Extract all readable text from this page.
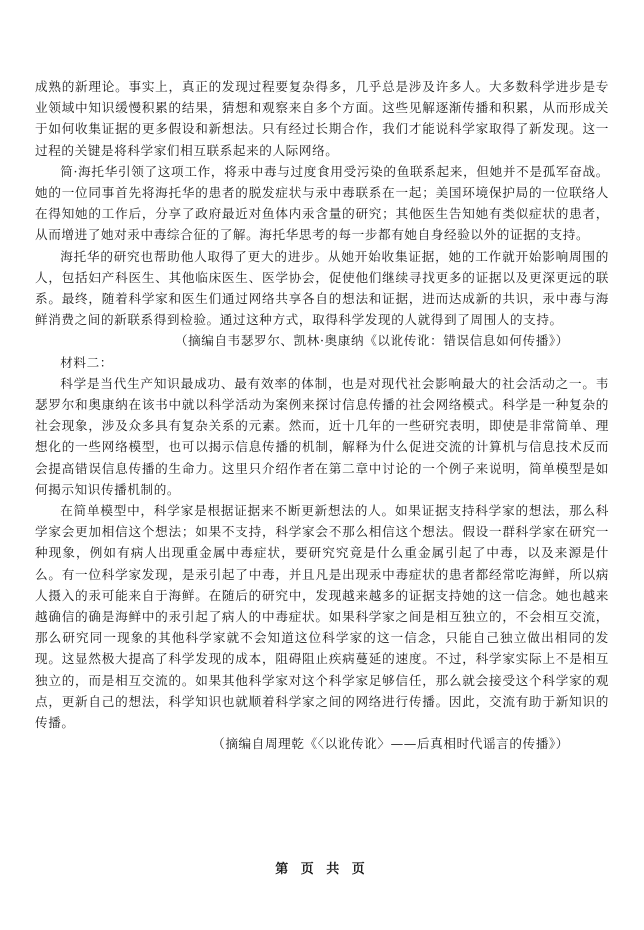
成熟的新理论。事实上，真正的发现过程要复杂得多，几乎总是涉及许多人。大多数科学进步是专业领域中知识缓慢积累的结果，猜想和观察来自多个方面。这些见解逐渐传播和积累，从而形成关于如何收集证据的更多假设和新想法。只有经过长期合作，我们才能说科学家取得了新发现。这一过程的关键是将科学家们相互联系起来的人际网络。

简·海托华引领了这项工作，将汞中毒与过度食用受污染的鱼联系起来，但她并不是孤军奋战。她的一位同事首先将海托华的患者的脱发症状与汞中毒联系在一起；美国环境保护局的一位联络人在得知她的工作后，分享了政府最近对鱼体内汞含量的研究；其他医生告知她有类似症状的患者，从而增进了她对汞中毒综合征的了解。海托华思考的每一步都有她自身经验以外的证据的支持。

海托华的研究也帮助他人取得了更大的进步。从她开始收集证据，她的工作就开始影响周围的人，包括妇产科医生、其他临床医生、医学协会，促使他们继续寻找更多的证据以及更深更远的联系。最终，随着科学家和医生们通过网络共享各自的想法和证据，进而达成新的共识，汞中毒与海鲜消费之间的新联系得到检验。通过这种方式，取得科学发现的人就得到了周围人的支持。

（摘编自韦瑟罗尔、凯林·奥康纳《以讹传讹：错误信息如何传播》）

材料二：

科学是当代生产知识最成功、最有效率的体制，也是对现代社会影响最大的社会活动之一。韦瑟罗尔和奥康纳在该书中就以科学活动为案例来探讨信息传播的社会网络模式。科学是一种复杂的社会现象，涉及众多具有复杂关系的元素。然而，近十几年的一些研究表明，即使是非常简单、理想化的一些网络模型，也可以揭示信息传播的机制，解释为什么促进交流的计算机与信息技术反而会提高错误信息传播的生命力。这里只介绍作者在第二章中讨论的一个例子来说明，简单模型是如何揭示知识传播机制的。

在简单模型中，科学家是根据证据来不断更新想法的人。如果证据支持科学家的想法，那么科学家会更加相信这个想法；如果不支持，科学家会不那么相信这个想法。假设一群科学家在研究一种现象，例如有病人出现重金属中毒症状，要研究究竟是什么重金属引起了中毒，以及来源是什么。有一位科学家发现，是汞引起了中毒，并且凡是出现汞中毒症状的患者都经常吃海鲜，所以病人摄入的汞可能来自于海鲜。在随后的研究中，发现越来越多的证据支持她的这一信念。她也越来越确信的确是海鲜中的汞引起了病人的中毒症状。如果科学家之间是相互独立的，不会相互交流，那么研究同一现象的其他科学家就不会知道这位科学家的这一信念，只能自己独立做出相同的发现。这显然极大提高了科学发现的成本，阻碍阻止疾病蔓延的速度。不过，科学家实际上不是相互独立的，而是相互交流的。如果其他科学家对这个科学家足够信任，那么就会接受这个科学家的观点，更新自己的想法，科学知识也就顺着科学家之间的网络进行传播。因此，交流有助于新知识的传播。

（摘编自周理乾《〈以讹传讹〉——后真相时代谣言的传播》）

第 页 共 页
